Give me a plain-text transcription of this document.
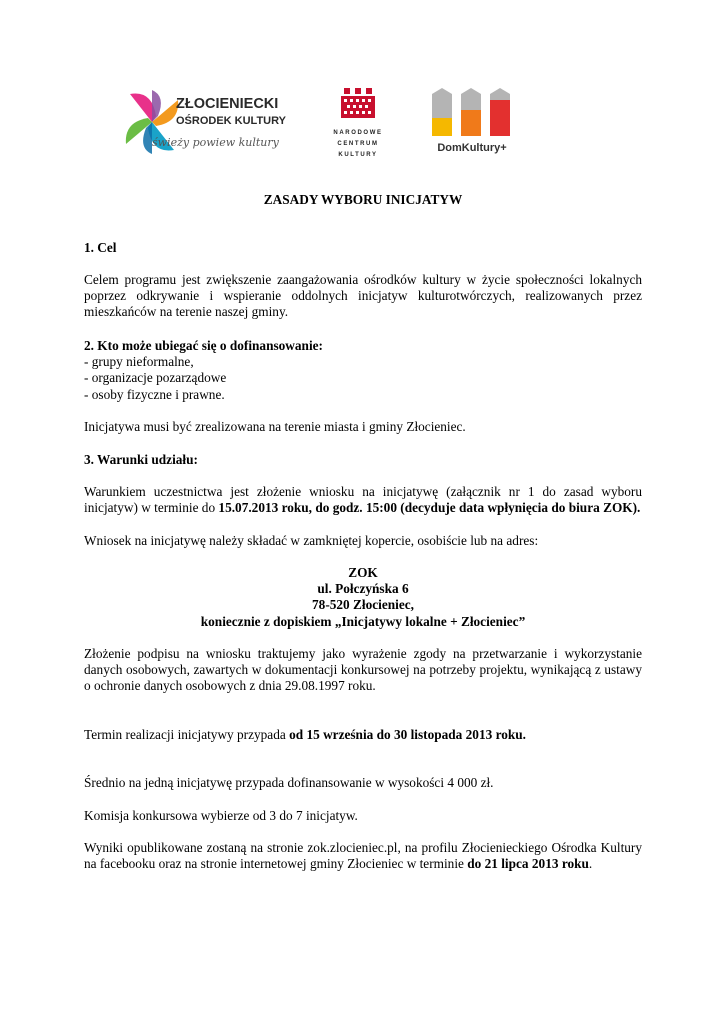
ZŁOCIENIECKI
OŚRODEK KULTURY
świeży powiew kultury
NARODOWE
CENTRUM
KULTURY
DomKultury+
ZASADY WYBORU INICJATYW

1. Cel

Celem programu jest zwiększenie zaangażowania ośrodków kultury w życie społeczności lokalnych poprzez odkrywanie i wspieranie oddolnych inicjatyw kulturotwórczych, realizowanych przez mieszkańców na terenie naszej gminy.

2. Kto może ubiegać się o dofinansowanie:

- grupy nieformalne,

- organizacje pozarządowe

- osoby fizyczne i prawne.

Inicjatywa musi być zrealizowana na terenie miasta i gminy Złocieniec.

3. Warunki udziału:

Warunkiem uczestnictwa jest złożenie wniosku na inicjatywę (załącznik nr 1 do zasad wyboru inicjatyw) w terminie do 15.07.2013 roku, do godz. 15:00 (decyduje data wpłynięcia do biura ZOK).
Wniosek na inicjatywę należy składać w zamkniętej kopercie, osobiście lub na adres:

ZOK

ul. Połczyńska 6

78-520 Złocieniec,

koniecznie z dopiskiem „Inicjatywy lokalne + Złocieniec”

Złożenie podpisu na wniosku traktujemy jako wyrażenie zgody na przetwarzanie i wykorzystanie danych osobowych, zawartych w dokumentacji konkursowej na potrzeby projektu, wynikającą z ustawy o ochronie danych osobowych z dnia 29.08.1997 roku.
Termin realizacji inicjatywy przypada od 15 września do 30 listopada 2013 roku.
Średnio na jedną inicjatywę przypada dofinansowanie w wysokości 4 000 zł.
Komisja konkursowa wybierze od 3 do 7 inicjatyw.
Wyniki opublikowane zostaną na stronie zok.zlocieniec.pl, na profilu Złocienieckiego Ośrodka Kultury na facebooku oraz na stronie internetowej gminy Złocieniec w terminie do 21 lipca 2013 roku.
